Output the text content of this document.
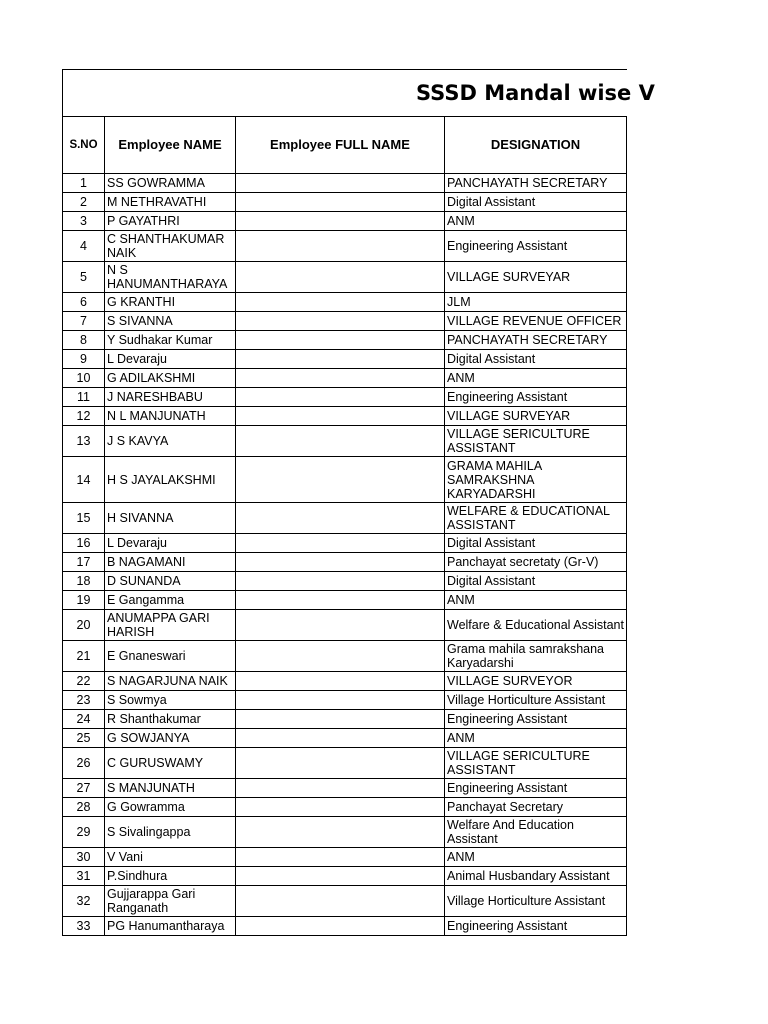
SSSD Mandal wise V			
S.NO	Employee NAME	Employee FULL NAME	DESIGNATION
1	SS GOWRAMMA		PANCHAYATH SECRETARY
2	M NETHRAVATHI		Digital Assistant
3	P GAYATHRI		ANM
4	C SHANTHAKUMAR NAIK		Engineering Assistant
5	N S HANUMANTHARAYA		VILLAGE SURVEYAR
6	G KRANTHI		JLM
7	S SIVANNA		VILLAGE REVENUE OFFICER
8	Y Sudhakar Kumar		PANCHAYATH SECRETARY
9	L Devaraju		Digital Assistant
10	G ADILAKSHMI		ANM
11	J NARESHBABU		Engineering Assistant
12	N L MANJUNATH		VILLAGE SURVEYAR
13	J S KAVYA		VILLAGE SERICULTURE ASSISTANT
14	H S JAYALAKSHMI		GRAMA MAHILA SAMRAKSHNA KARYADARSHI
15	H SIVANNA		WELFARE & EDUCATIONAL ASSISTANT
16	L Devaraju		Digital Assistant
17	B NAGAMANI		Panchayat secretaty (Gr-V)
18	D SUNANDA		Digital Assistant
19	E Gangamma		ANM
20	ANUMAPPA GARI HARISH		Welfare & Educational Assistant
21	E Gnaneswari		Grama mahila samrakshana Karyadarshi
22	S NAGARJUNA NAIK		VILLAGE SURVEYOR
23	S Sowmya		Village Horticulture Assistant
24	R Shanthakumar		Engineering Assistant
25	G SOWJANYA		ANM
26	C GURUSWAMY		VILLAGE SERICULTURE ASSISTANT
27	S MANJUNATH		Engineering Assistant
28	G Gowramma		Panchayat Secretary
29	S Sivalingappa		Welfare And Education Assistant
30	V Vani		ANM
31	P.Sindhura		Animal Husbandary Assistant
32	Gujjarappa Gari Ranganath		Village Horticulture Assistant
33	PG Hanumantharaya		Engineering Assistant
